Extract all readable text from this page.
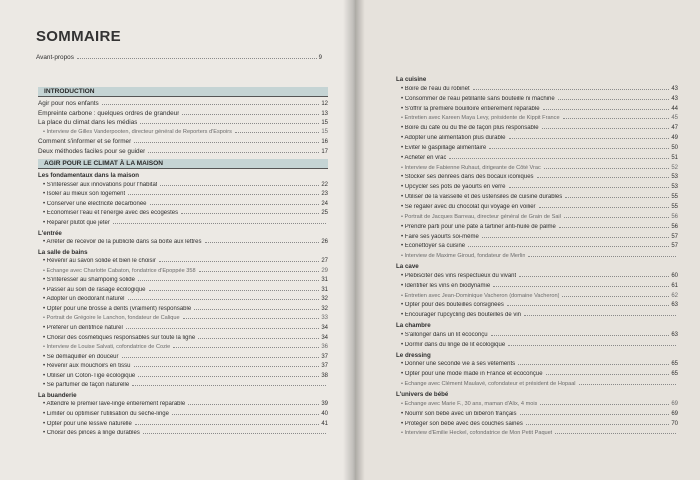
SOMMAIRE
Avant-propos	9
INTRODUCTION
Agir pour nos enfants	12
Empreinte carbone : quelques ordres de grandeur	13
La place du climat dans les médias	15
• Interview de Gilles Vanderpooten, directeur général de Reporters d'Espoirs	15
Comment s'informer et se former	16
Deux méthodes faciles pour se guider	17
AGIR POUR LE CLIMAT À LA MAISON
Les fondamentaux dans la maison
• S'intéresser aux innovations pour l'habitat	22
• Isoler au mieux son logement	23
• Conserver une électricité décarbonée	24
• Économiser l'eau et l'énergie avec des écogestes	25
• Réparer plutôt que jeter
L'entrée
• Arrêter de recevoir de la publicité dans sa boîte aux lettres	26
La salle de bains
• Revenir au savon solide et bien le choisir	27
• Échange avec Charlotte Cabaton, fondatrice d'Époppée 358	29
• S'intéresser au shampoing solide	31
• Passer au soin de rasage écologique	31
• Adopter un déodorant naturel	32
• Opter pour une brosse à dents (vraiment) responsable	32
• Portrait de Grégoire le Lanchon, fondateur de Calique	33
• Préférer un dentifrice naturel	34
• Choisir des cosmétiques responsables sur toute la ligne	34
• Interview de Louise Salvati, cofondatrice de Cozie	36
• Se démaquiller en douceur	37
• Revenir aux mouchoirs en tissu	37
• Utiliser un Coton-Tige écologique	38
• Se parfumer de façon naturelle
La buanderie
• Attendre le premier lave-linge entièrement réparable	39
• Limiter ou optimiser l'utilisation du sèche-linge	40
• Opter pour une lessive naturelle	41
• Choisir des pinces à linge durables
La cuisine
• Boire de l'eau du robinet	43
• Consommer de l'eau pétillante sans bouteille ni machine	43
• S'offrir la première bouilloire entièrement réparable	44
• Entretien avec Kareen Maya Levy, présidente de Kippit France	45
• Boire du café ou du thé de façon plus responsable	47
• Adopter une alimentation plus durable	49
• Éviter le gaspillage alimentaire	50
• Acheter en vrac	51
• Interview de Fabienne Ruhaut, dirigeante de Côté Vrac	52
• Stocker ses denrées dans des bocaux iconiques	53
• Upcycler ses pots de yaourts en verre	53
• Utiliser de la vaisselle et des ustensiles de cuisine durables	55
• Se régaler avec du chocolat qui voyage en voilier	55
• Portrait de Jacques Barreau, directeur général de Grain de Sail	56
• Prendre parti pour une pâte à tartiner anti-huile de palme	56
• Faire ses yaourts soi-même	57
• Éconettoyer sa cuisine	57
• Interview de Maxime Giroud, fondateur de Merlin
La cave
• Plébisciter des vins respectueux du vivant	60
• Identifier les vins en biodynamie	61
• Entretien avec Jean-Dominique Vacheron (domaine Vacheron)	62
• Opter pour des bouteilles consignées	63
• Encourager l'upcycling des bouteilles de vin
La chambre
• S'allonger dans un lit écoconçu	63
• Dormir dans du linge de lit écologique
Le dressing
• Donner une seconde vie à ses vêtements	65
• Opter pour une mode made in France et écoconçue	65
• Échange avec Clément Maulavé, cofondateur et président de Hopaal
L'univers de bébé
• Échange avec Marie F., 30 ans, maman d'Alix, 4 mois	69
• Nourrir son bébé avec un biberon français	69
• Protéger son bébé avec des couches saines	70
• Interview d'Émilie Heckel, cofondatrice de Mon Petit Paquet
